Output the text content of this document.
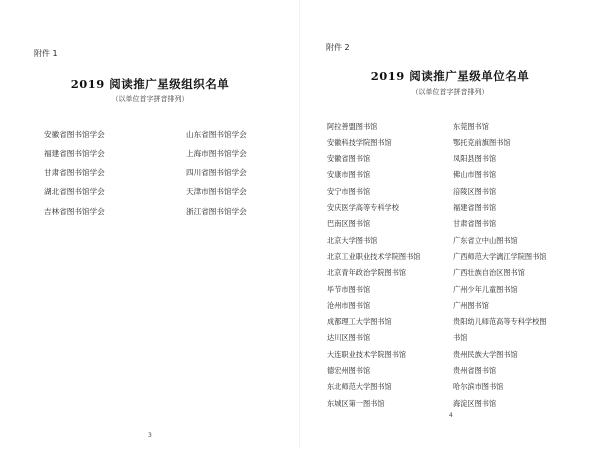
附件 1
2019 阅读推广星级组织名单
（以单位首字拼音排列）
安徽省图书馆学会	山东省图书馆学会
福建省图书馆学会	上海市图书馆学会
甘肃省图书馆学会	四川省图书馆学会
湖北省图书馆学会	天津市图书馆学会
吉林省图书馆学会	浙江省图书馆学会
3
附件 2
2019 阅读推广星级单位名单
（以单位首字拼音排列）
阿拉善盟图书馆	东莞图书馆
安徽科技学院图书馆	鄂托克前旗图书馆
安徽省图书馆	凤阳县图书馆
安康市图书馆	佛山市图书馆
安宁市图书馆	涪陵区图书馆
安庆医学高等专科学校	福建省图书馆
巴南区图书馆	甘肃省图书馆
北京大学图书馆	广东省立中山图书馆
北京工业职业技术学院图书馆	广西师范大学漓江学院图书馆
北京青年政治学院图书馆	广西壮族自治区图书馆
毕节市图书馆	广州少年儿童图书馆
沧州市图书馆	广州图书馆
成都理工大学图书馆	贵阳幼儿师范高等专科学校图
达川区图书馆	书馆
大连职业技术学院图书馆	贵州民族大学图书馆
德宏州图书馆	贵州省图书馆
东北师范大学图书馆	哈尔滨市图书馆
东城区第一图书馆	海淀区图书馆
4
